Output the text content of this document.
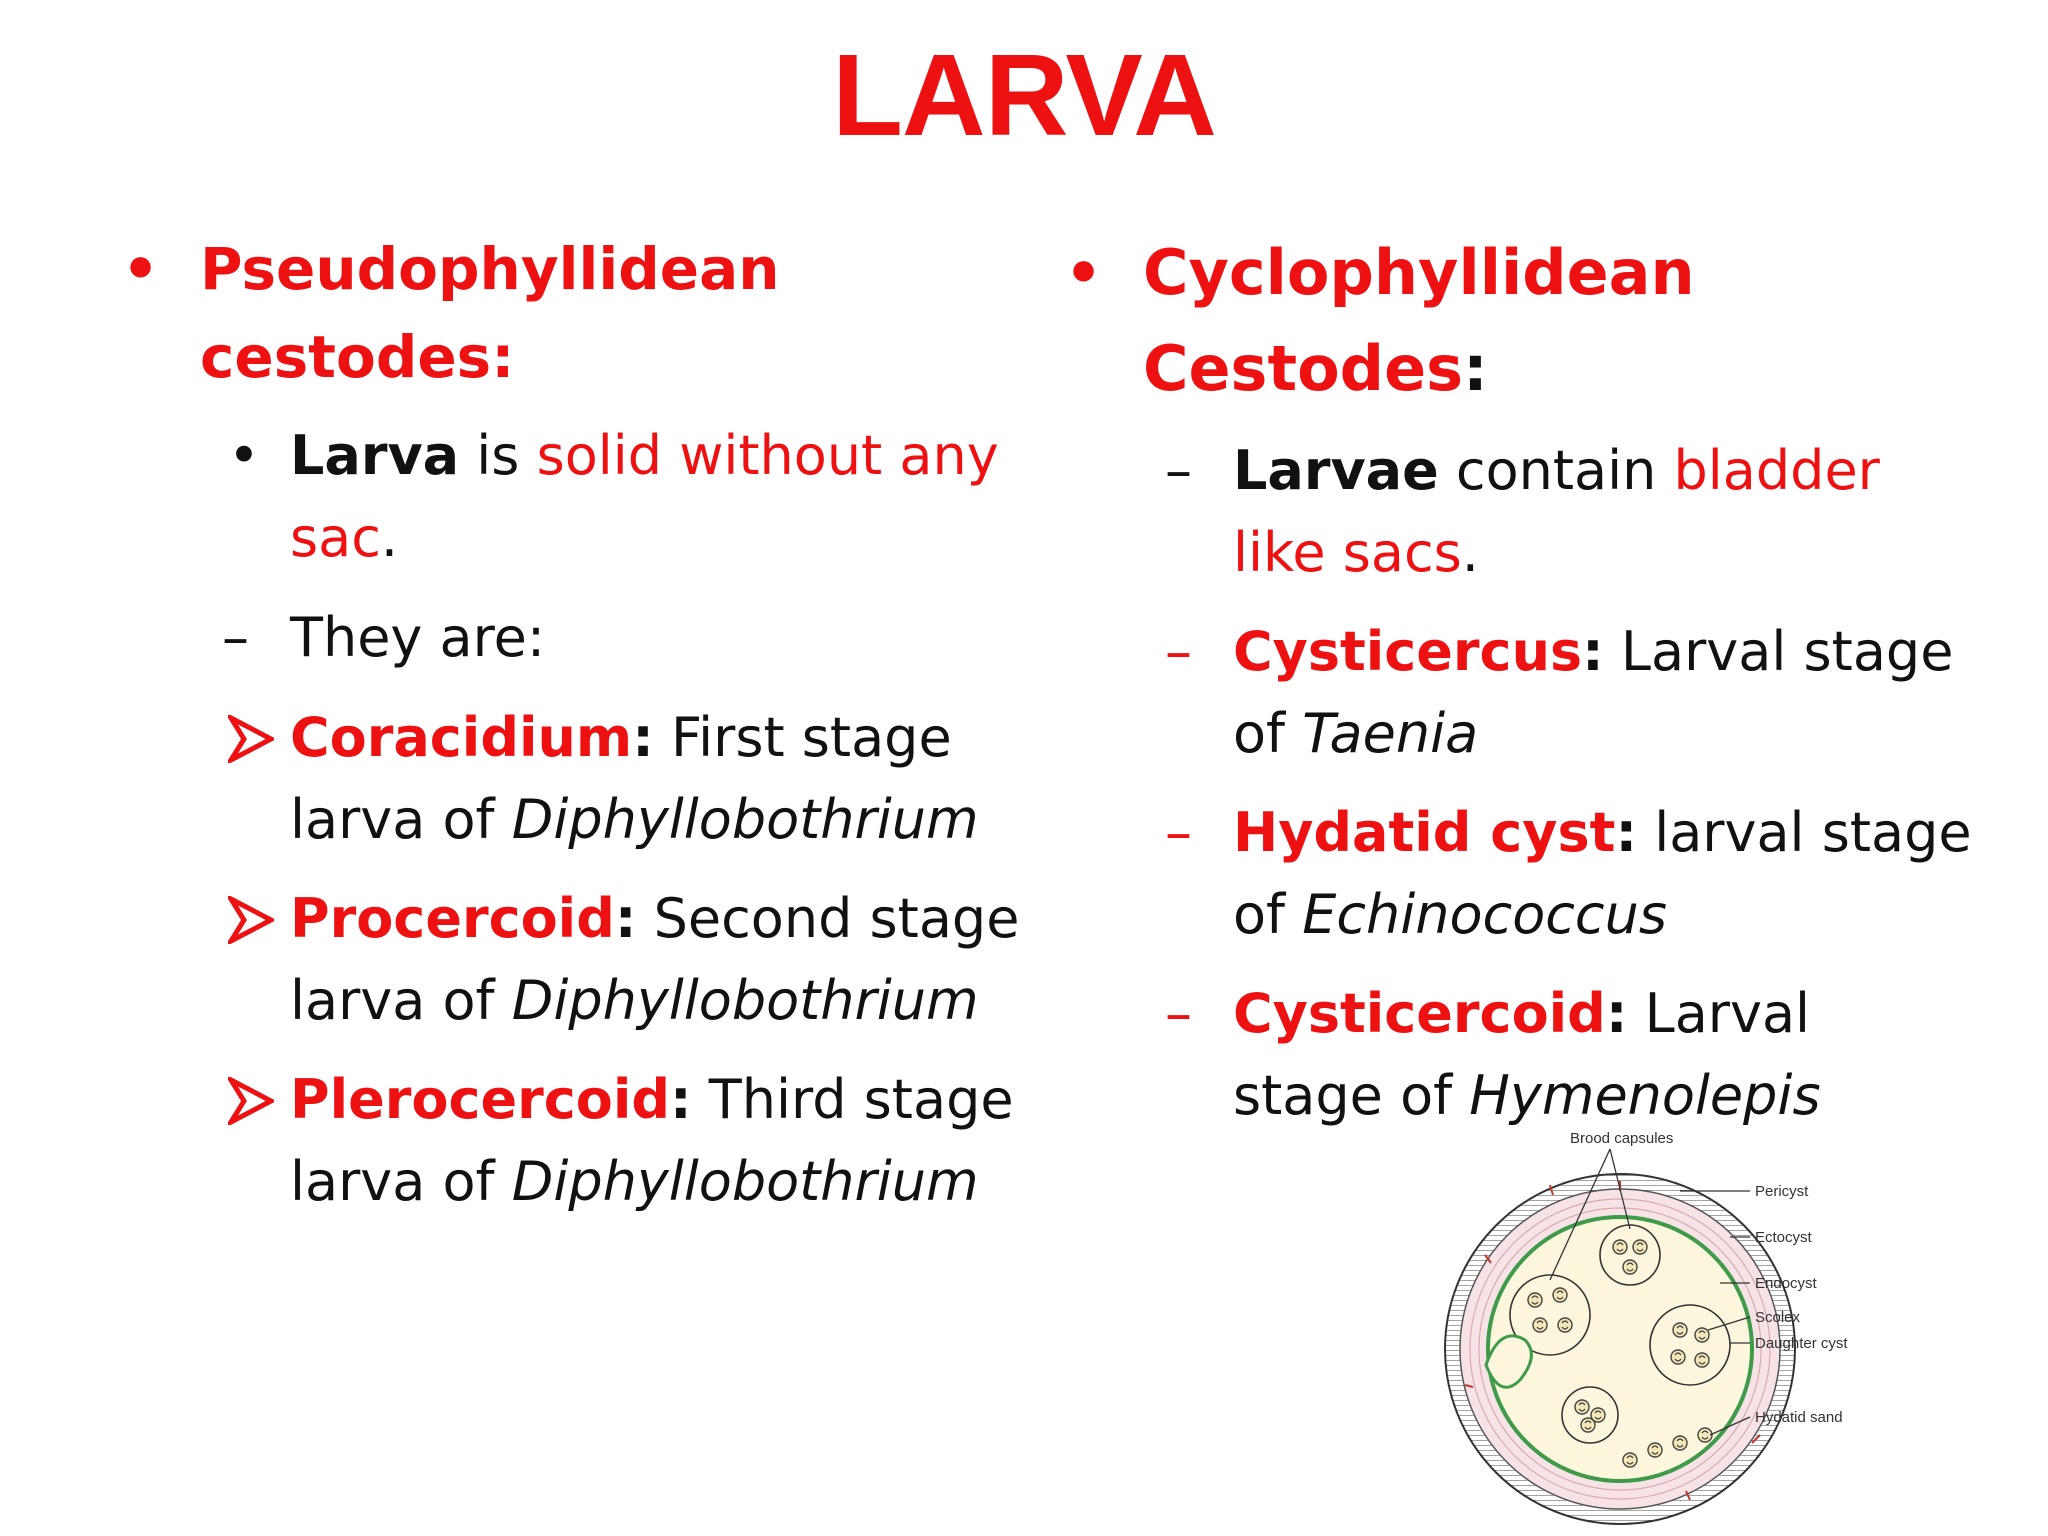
LARVA
• Pseudophyllidean
cestodes:
• Larva is solid without any
sac.
– They are:
Coracidium: First stage
larva of Diphyllobothrium
Procercoid: Second stage
larva of Diphyllobothrium
Plerocercoid: Third stage
larva of Diphyllobothrium
• Cyclophyllidean
Cestodes:
– Larvae contain bladder
like sacs.
– Cysticercus: Larval stage
of Taenia
– Hydatid cyst: larval stage
of Echinococcus
– Cysticercoid: Larval
stage of Hymenolepis
Brood capsules
Pericyst
Ectocyst
Endocyst
Scolex
Daughter cyst
Hydatid sand
